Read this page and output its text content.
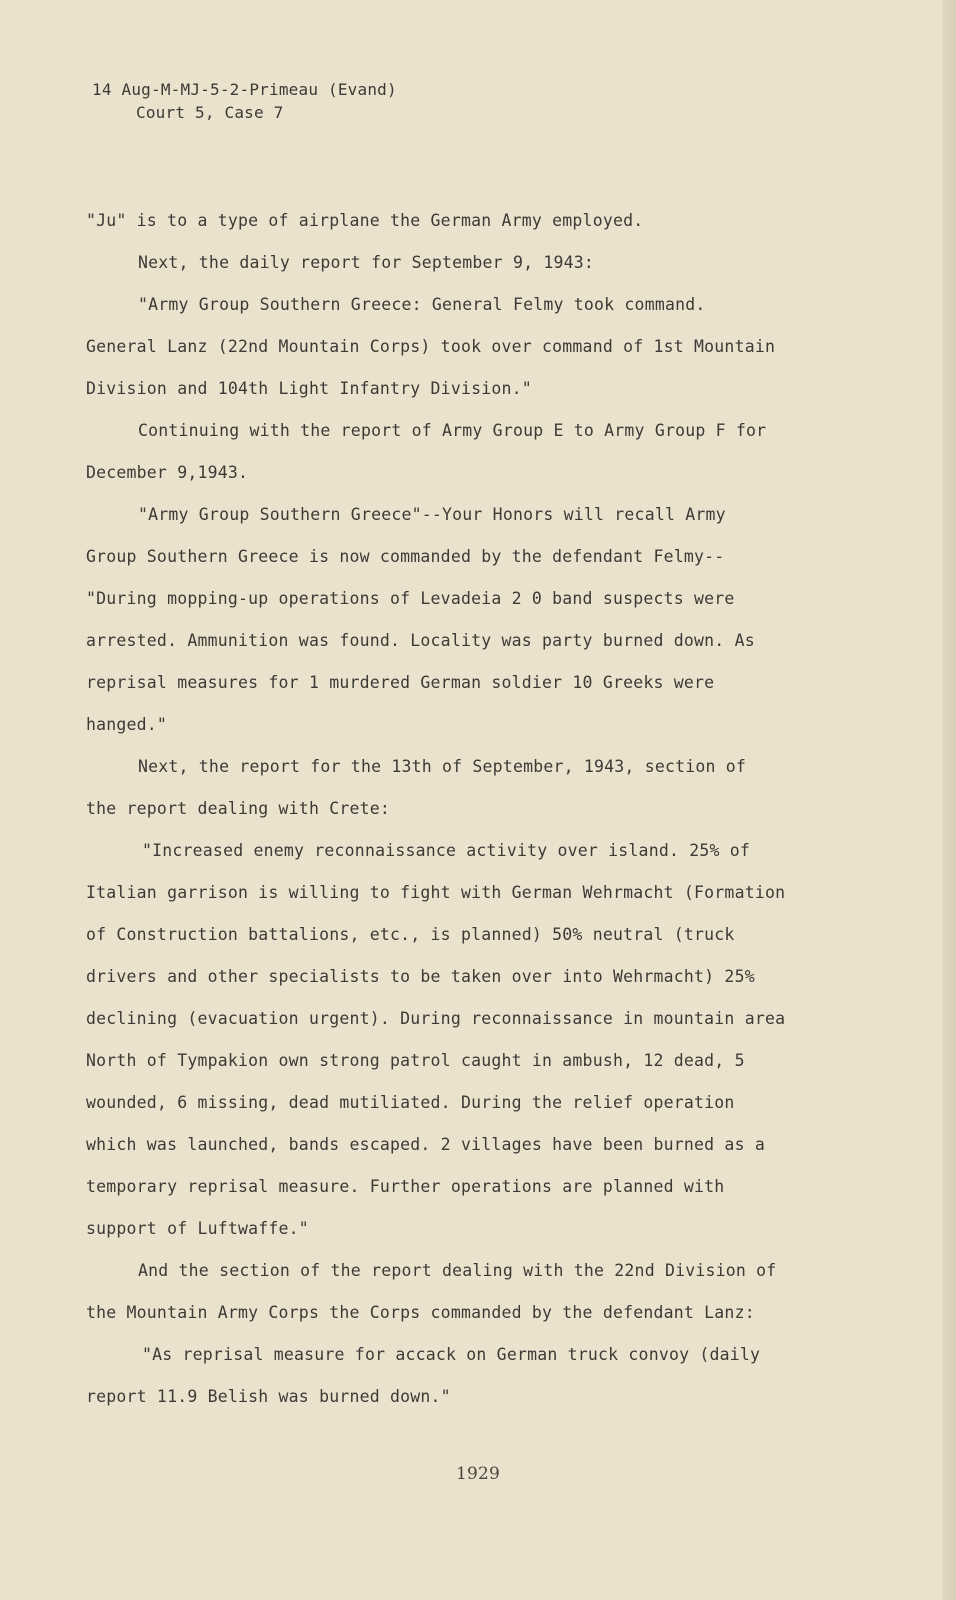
14 Aug-M-MJ-5-2-Primeau (Evand)
Court 5, Case 7

"Ju" is to a type of airplane the German Army employed.

Next, the daily report for September 9, 1943:

"Army Group Southern Greece: General Felmy took command. General Lanz (22nd Mountain Corps) took over command of 1st Mountain Division and 104th Light Infantry Division."

Continuing with the report of Army Group E to Army Group F for December 9,1943.

"Army Group Southern Greece"--Your Honors will recall Army Group Southern Greece is now commanded by the defendant Felmy-- "During mopping-up operations of Levadeia 2 0 band suspects were arrested. Ammunition was found. Locality was party burned down. As reprisal measures for 1 murdered German soldier 10 Greeks were hanged."

Next, the report for the 13th of September, 1943, section of the report dealing with Crete:

"Increased enemy reconnaissance activity over island. 25% of Italian garrison is willing to fight with German Wehrmacht (Formation of Construction battalions, etc., is planned) 50% neutral (truck drivers and other specialists to be taken over into Wehrmacht) 25% declining (evacuation urgent). During reconnaissance in mountain area North of Tympakion own strong patrol caught in ambush, 12 dead, 5 wounded, 6 missing, dead mutiliated. During the relief operation which was launched, bands escaped. 2 villages have been burned as a temporary reprisal measure. Further operations are planned with support of Luftwaffe."

And the section of the report dealing with the 22nd Division of the Mountain Army Corps the Corps commanded by the defendant Lanz:

"As reprisal measure for accack on German truck convoy (daily report 11.9 Belish was burned down."

1929
